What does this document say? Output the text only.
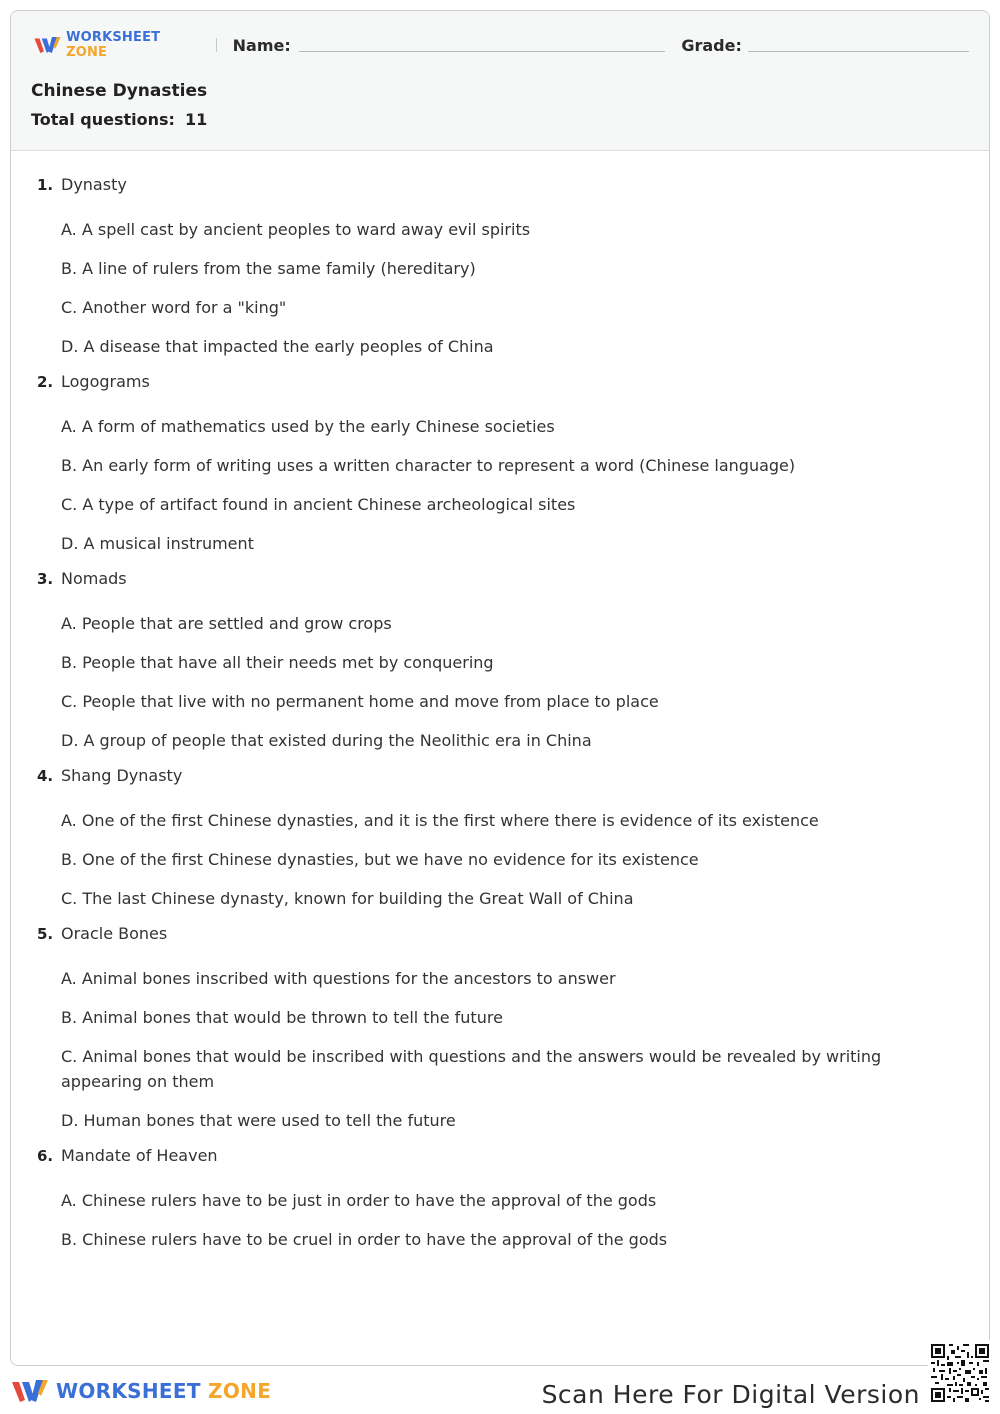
WORKSHEET ZONE	Name:	Grade:
Chinese Dynasties
Total questions: 11
1. Dynasty
A. A spell cast by ancient peoples to ward away evil spirits
B. A line of rulers from the same family (hereditary)
C. Another word for a "king"
D. A disease that impacted the early peoples of China
2. Logograms
A. A form of mathematics used by the early Chinese societies
B. An early form of writing uses a written character to represent a word (Chinese language)
C. A type of artifact found in ancient Chinese archeological sites
D. A musical instrument
3. Nomads
A. People that are settled and grow crops
B. People that have all their needs met by conquering
C. People that live with no permanent home and move from place to place
D. A group of people that existed during the Neolithic era in China
4. Shang Dynasty
A. One of the first Chinese dynasties, and it is the first where there is evidence of its existence
B. One of the first Chinese dynasties, but we have no evidence for its existence
C. The last Chinese dynasty, known for building the Great Wall of China
5. Oracle Bones
A. Animal bones inscribed with questions for the ancestors to answer
B. Animal bones that would be thrown to tell the future
C. Animal bones that would be inscribed with questions and the answers would be revealed by writing appearing on them
D. Human bones that were used to tell the future
6. Mandate of Heaven
A. Chinese rulers have to be just in order to have the approval of the gods
B. Chinese rulers have to be cruel in order to have the approval of the gods
WORKSHEET ZONE	Scan Here For Digital Version
